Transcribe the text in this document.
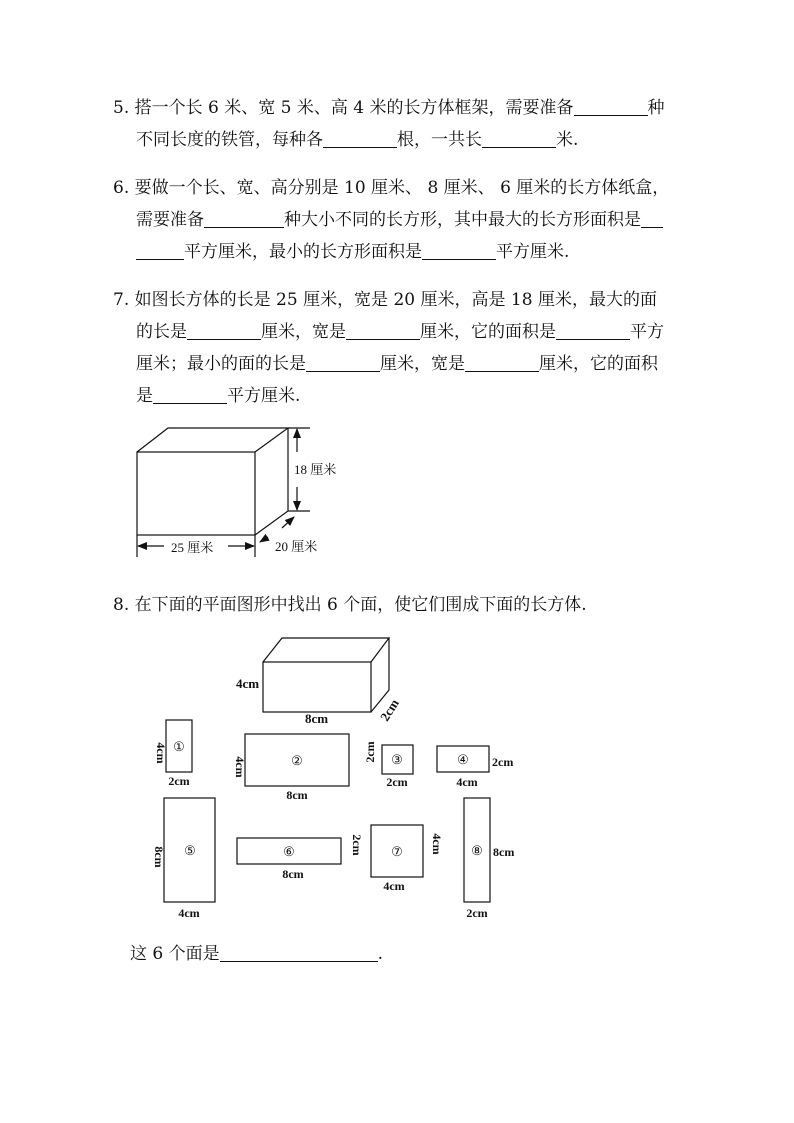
5. 搭一个长 6 米、宽 5 米、高 4 米的长方体框架，需要准备	种
不同长度的铁管，每种各	根，一共长	米.
6. 要做一个长、宽、高分别是 10 厘米、 8 厘米、 6 厘米的长方体纸盒，
需要准备	种大小不同的长方形，其中最大的长方形面积是
平方厘米，最小的长方形面积是	平方厘米.
7. 如图长方体的长是 25 厘米，宽是 20 厘米，高是 18 厘米，最大的面
的长是	厘米，宽是	厘米，它的面积是	平方
厘米；最小的面的长是	厘米，宽是	厘米，它的面积
是	平方厘米.
8. 在下面的平面图形中找出 6 个面，使它们围成下面的长方体.
这 6 个面是	.
18 厘米
25 厘米	20 厘米
4cm
8cm	2cm
①
4cm
2cm
②
4cm
8cm
③
2cm
2cm
④ 2cm
4cm
⑤
8cm
4cm
⑥	2cm
8cm
⑦ 4cm
4cm
⑧ 8cm
2cm
